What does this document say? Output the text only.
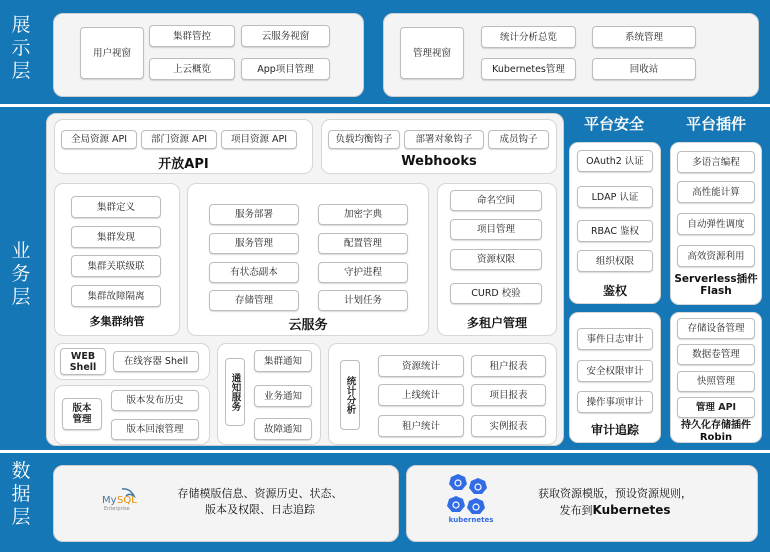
展示层
用户视窗
集群管控	云服务视窗
上云概览	App项目管理
管理视窗
统计分析总览	系统管理
Kubernetes管理	回收站
业务层
全局资源 API	部门资源 API	项目资源 API
开放API
负载均衡钩子	部署对象钩子	成员钩子
Webhooks
集群定义
集群发现
集群关联级联
集群故障隔离
多集群纳管
服务部署
服务管理
有状态副本
存储管理
加密字典
配置管理
守护进程
计划任务
云服务
命名空间
项目管理
资源权限
CURD 校验
多租户管理
WEB Shell	在线容器 Shell
版本管理
版本发布历史
版本回滚管理
通知服务
集群通知
业务通知
故障通知
统计分析
资源统计
上线统计
租户统计
租户报表
项目报表
实例报表
平台安全
OAuth2 认证
LDAP 认证
RBAC 鉴权
组织权限
鉴权
事件日志审计
安全权限审计
操作事项审计
审计追踪
平台插件
多语言编程
高性能计算
自动弹性调度
高效资源利用
Serverless插件
Flash
存储设备管理
数据卷管理
快照管理
管理 API
持久化存储插件
Robin
数据层
My SQL
Enterprise
存储模版信息、资源历史、状态、
版本及权限、日志追踪
kubernetes
获取资源模版，预设资源规则，
发布到Kubernetes
